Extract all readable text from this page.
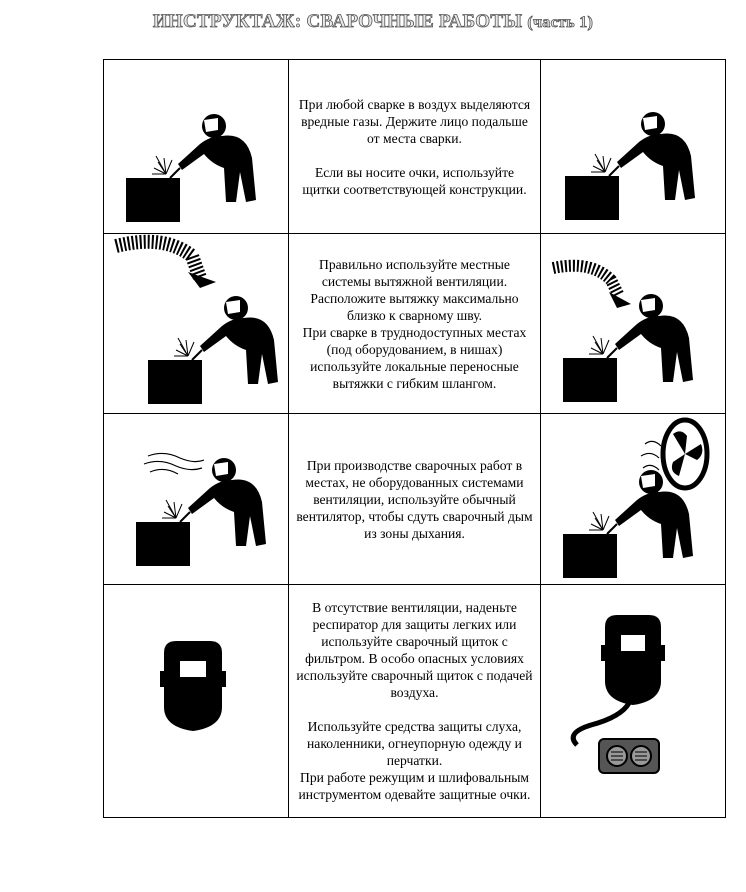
ИНСТРУКТАЖ: СВАРОЧНЫЕ РАБОТЫ (часть 1)

При любой сварке в воздух выделяются вредные газы. Держите лицо подальше от места сварки.
Если вы носите очки, используйте щитки соответствующей конструкции.

Правильно используйте местные системы вытяжной вентиляции. Расположите вытяжку максимально близко к сварному шву.
При сварке в труднодоступных местах (под оборудованием, в нишах) используйте локальные переносные вытяжки с гибким шлангом.

При производстве сварочных работ в местах, не оборудованных системами вентиляции, используйте обычный вентилятор, чтобы сдуть сварочный дым из зоны дыхания.

В отсутствие вентиляции, наденьте респиратор для защиты легких или используйте сварочный щиток с фильтром. В особо опасных условиях используйте сварочный щиток с подачей воздуха.
Используйте средства защиты слуха, наколенники, огнеупорную одежду и перчатки.
При работе режущим и шлифовальным инструментом одевайте защитные очки.
